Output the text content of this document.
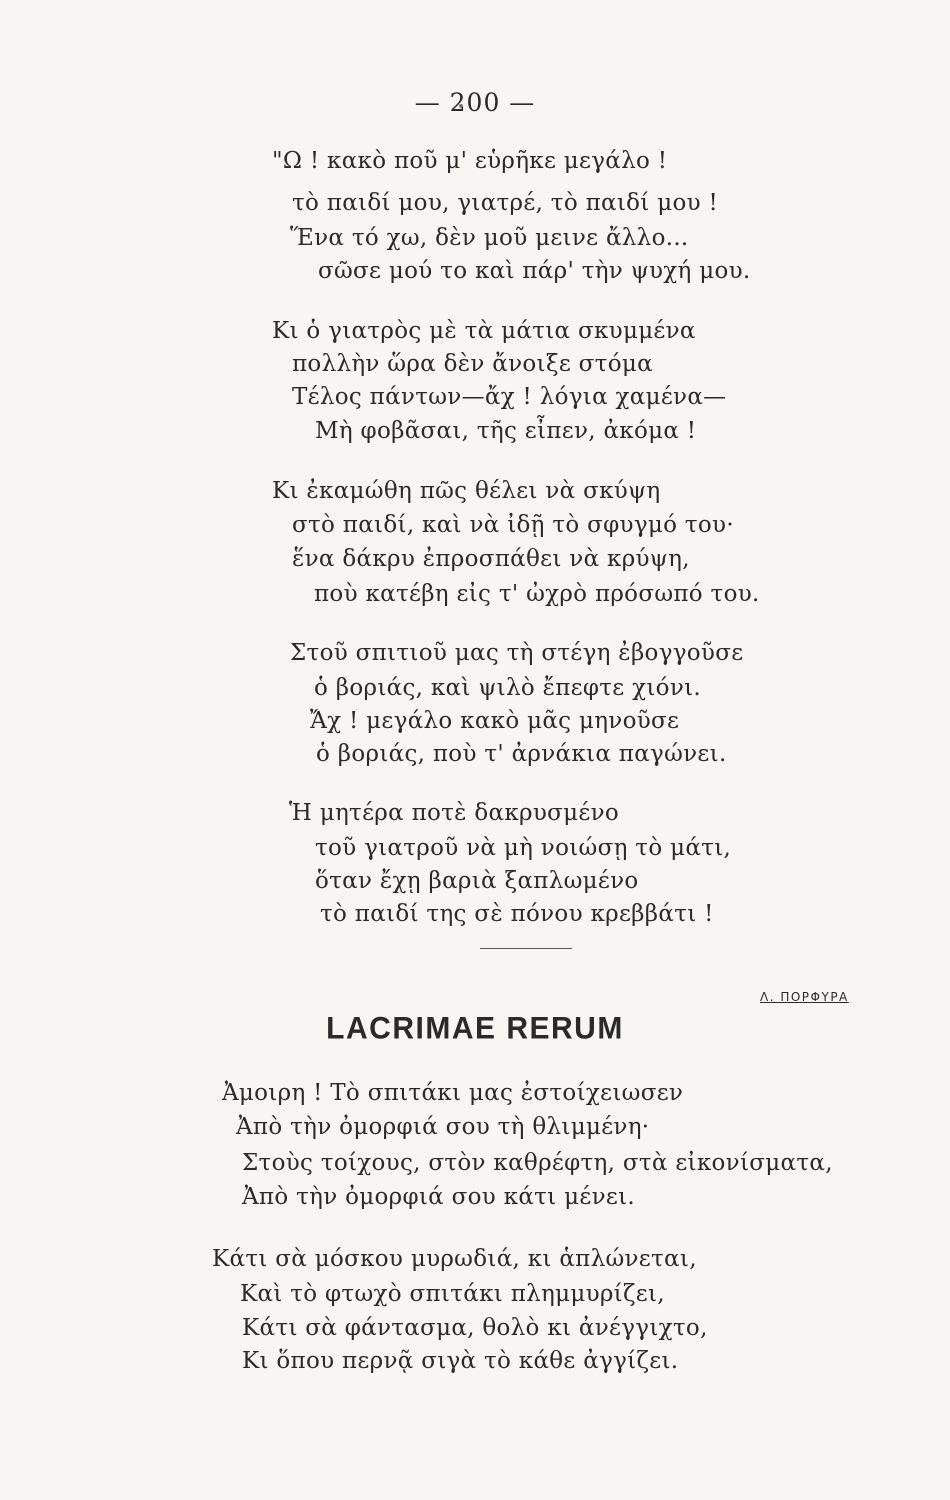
— 200 —
"Ω ! κακὸ ποῦ μ' εὑρῆκε μεγάλο !
τὸ παιδί μου, γιατρέ, τὸ παιδί μου !
Ἕνα τό χω, δὲν μοῦ μεινε ἄλλο...
σῶσε μού το καὶ πάρ' τὴν ψυχή μου.
Κι ὁ γιατρὸς μὲ τὰ μάτια σκυμμένα
πολλὴν ὥρα δὲν ἄνοιξε στόμα
Τέλος πάντων—ἄχ ! λόγια χαμένα—
Μὴ φοβᾶσαι, τῆς εἶπεν, ἀκόμα !
Κι ἐκαμώθη πῶς θέλει νὰ σκύψη
στὸ παιδί, καὶ νὰ ἰδῇ τὸ σφυγμό του·
ἕνα δάκρυ ἐπροσπάθει νὰ κρύψη,
ποὺ κατέβη εἰς τ' ὠχρὸ πρόσωπό του.
Στοῦ σπιτιοῦ μας τὴ στέγη ἐβογγοῦσε
ὁ βοριάς, καὶ ψιλὸ ἔπεφτε χιόνι.
Ἄχ ! μεγάλο κακὸ μᾶς μηνοῦσε
ὁ βοριάς, ποὺ τ' ἀρνάκια παγώνει.
Ἡ μητέρα ποτὲ δακρυσμένο
τοῦ γιατροῦ νὰ μὴ νοιώσῃ τὸ μάτι,
ὅταν ἔχῃ βαριὰ ξαπλωμένο
τὸ παιδί της σὲ πόνου κρεββάτι !
Λ. ΠΟΡΦΥΡΑ
LACRIMAE RERUM
Ἀμοιρη ! Τὸ σπιτάκι μας ἐστοίχειωσεν
Ἀπὸ τὴν ὀμορφιά σου τὴ θλιμμένη·
Στοὺς τοίχους, στὸν καθρέφτη, στὰ εἰκονίσματα,
Ἀπὸ τὴν ὀμορφιά σου κάτι μένει.
Κάτι σὰ μόσκου μυρωδιά, κι ἁπλώνεται,
Καὶ τὸ φτωχὸ σπιτάκι πλημμυρίζει,
Κάτι σὰ φάντασμα, θολὸ κι ἀνέγγιχτο,
Κι ὅπου περνᾷ σιγὰ τὸ κάθε ἀγγίζει.
